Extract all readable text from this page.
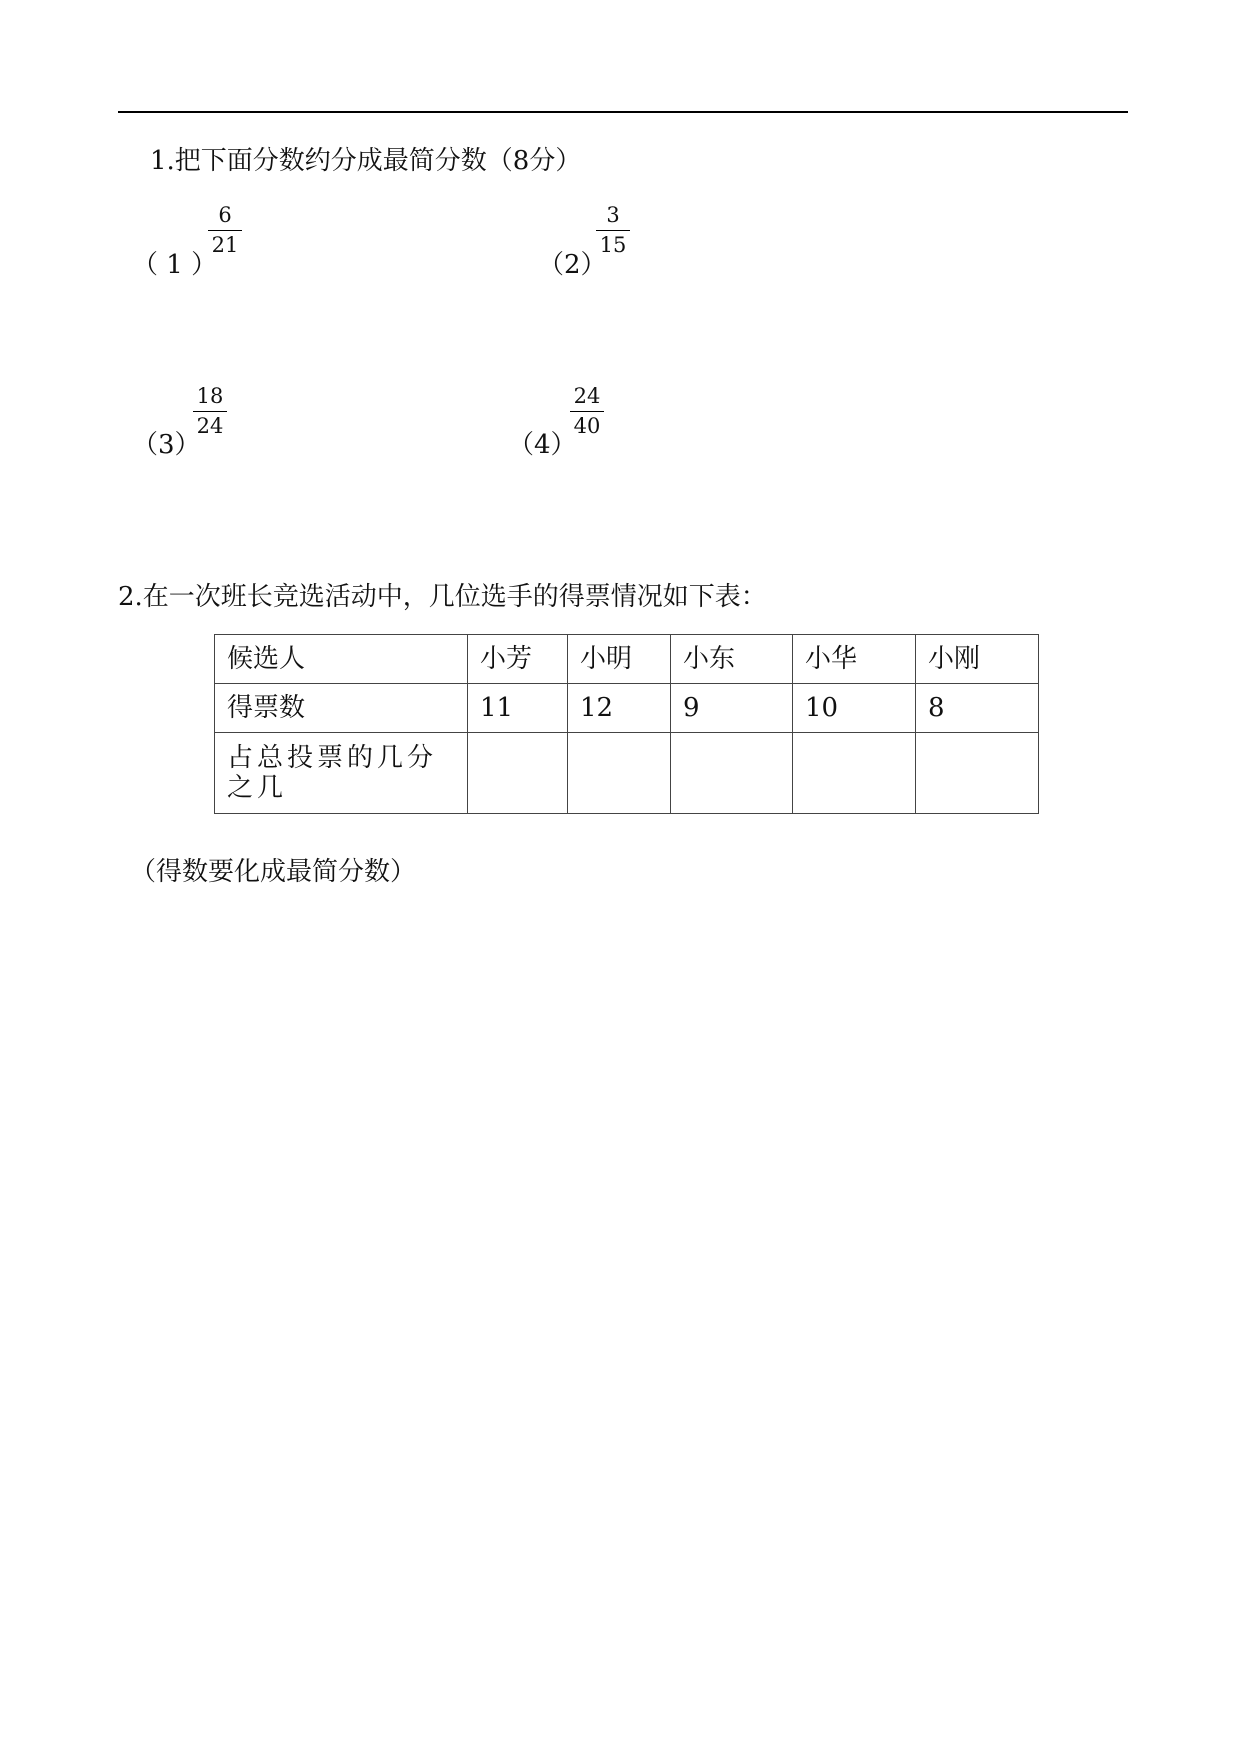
1.把下面分数约分成最简分数（8分）
（ 1 ）
6
21
（2）
3
15
（3）
18
24
（4）
24
40
2.在一次班长竞选活动中，几位选手的得票情况如下表：
候选人	小芳	小明	小东	小华	小刚
得票数	11	12	9	10	8
占总投票的几分之几					
（得数要化成最简分数）
